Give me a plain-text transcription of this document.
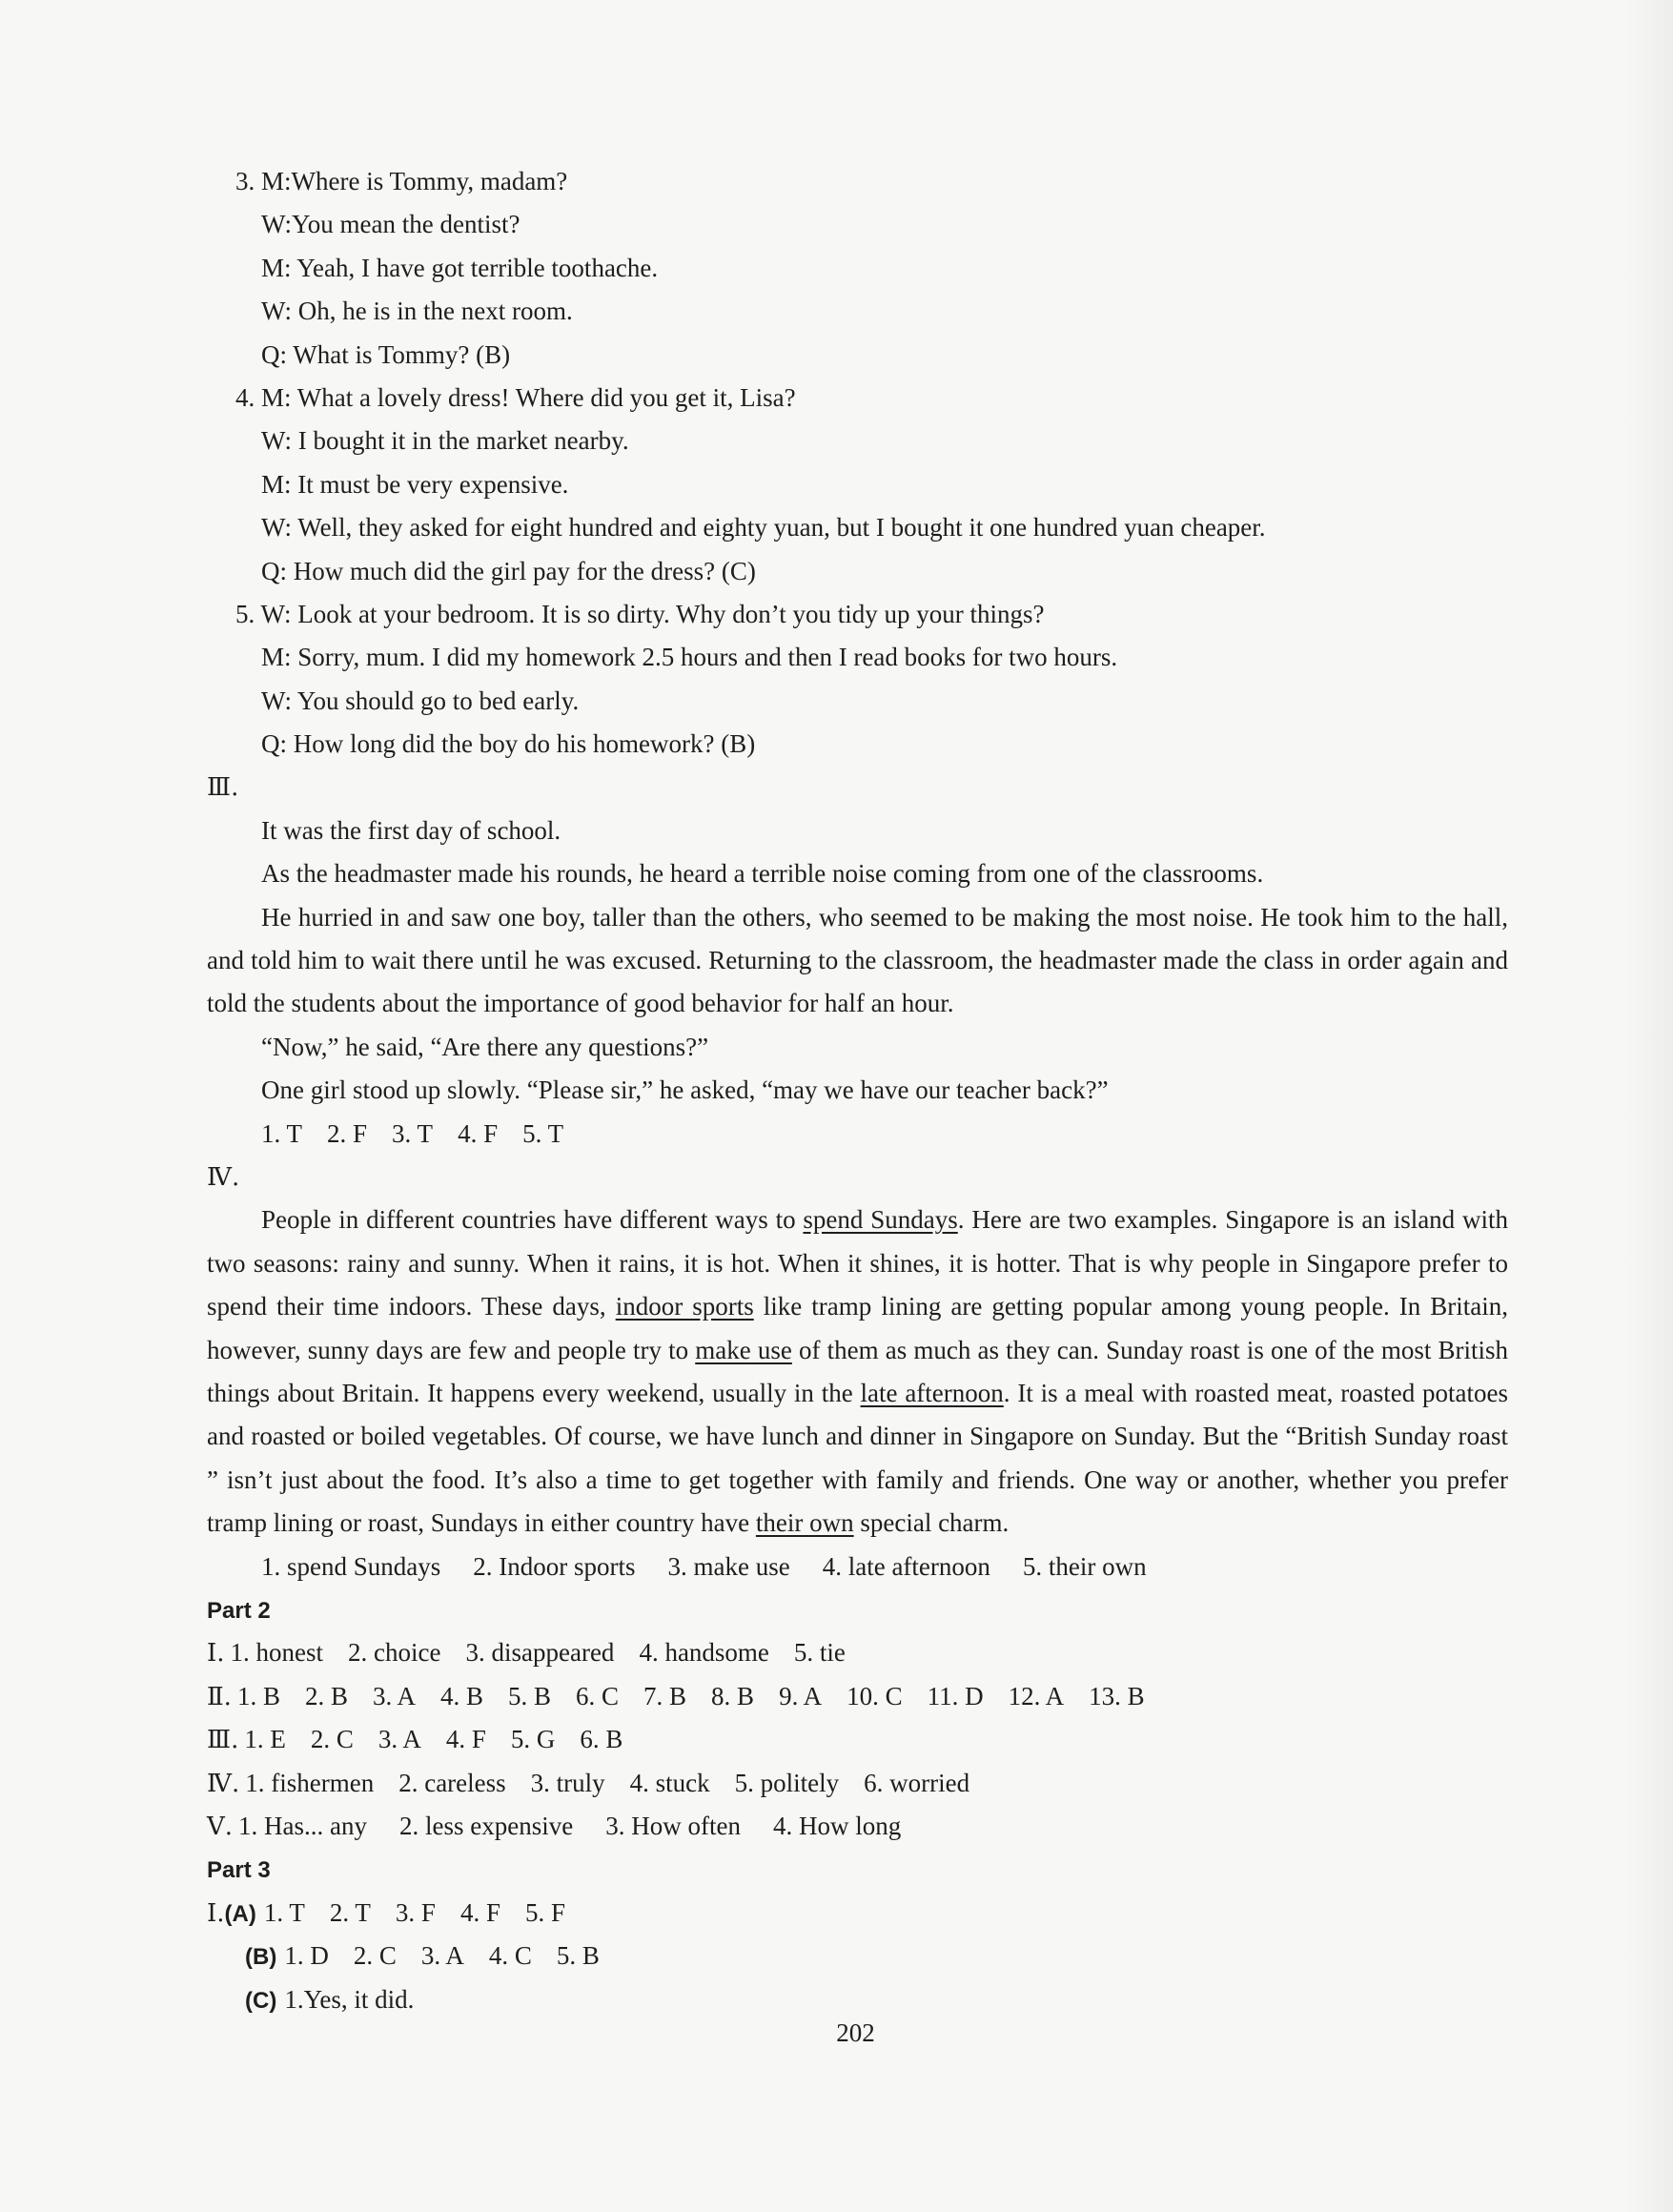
3. M:Where is Tommy, madam?
W:You mean the dentist?
M: Yeah, I have got terrible toothache.
W: Oh, he is in the next room.
Q: What is Tommy? (B)
4. M: What a lovely dress! Where did you get it, Lisa?
W: I bought it in the market nearby.
M: It must be very expensive.
W: Well, they asked for eight hundred and eighty yuan, but I bought it one hundred yuan cheaper.
Q: How much did the girl pay for the dress? (C)
5. W: Look at your bedroom. It is so dirty. Why don’t you tidy up your things?
M: Sorry, mum. I did my homework 2.5 hours and then I read books for two hours.
W: You should go to bed early.
Q: How long did the boy do his homework? (B)
Ⅲ.
It was the first day of school.
As the headmaster made his rounds, he heard a terrible noise coming from one of the classrooms.

He hurried in and saw one boy, taller than the others, who seemed to be making the most noise. He took him to the hall, and told him to wait there until he was excused. Returning to the classroom, the headmaster made the class in order again and told the students about the importance of good behavior for half an hour.

“Now,” he said, “Are there any questions?”
One girl stood up slowly. “Please sir,” he asked, “may we have our teacher back?”
1. T 2. F 3. T 4. F 5. T
Ⅳ.

People in different countries have different ways to spend Sundays. Here are two examples. Singapore is an island with two seasons: rainy and sunny. When it rains, it is hot. When it shines, it is hotter. That is why people in Singapore prefer to spend their time indoors. These days, indoor sports like tramp lining are getting popular among young people. In Britain, however, sunny days are few and people try to make use of them as much as they can. Sunday roast is one of the most British things about Britain. It happens every weekend, usually in the late afternoon. It is a meal with roasted meat, roasted potatoes and roasted or boiled vegetables. Of course, we have lunch and dinner in Singapore on Sunday. But the “British Sunday roast ” isn’t just about the food. It’s also a time to get together with family and friends. One way or another, whether you prefer tramp lining or roast, Sundays in either country have their own special charm.

1. spend Sundays 2. Indoor sports 3. make use 4. late afternoon 5. their own
Part 2
Ⅰ. 1. honest 2. choice 3. disappeared 4. handsome 5. tie
Ⅱ. 1. B 2. B 3. A 4. B 5. B 6. C 7. B 8. B 9. A 10. C 11. D 12. A 13. B
Ⅲ. 1. E 2. C 3. A 4. F 5. G 6. B
Ⅳ. 1. fishermen 2. careless 3. truly 4. stuck 5. politely 6. worried
Ⅴ. 1. Has... any 2. less expensive 3. How often 4. How long
Part 3
Ⅰ.(A) 1. T 2. T 3. F 4. F 5. F
(B) 1. D 2. C 3. A 4. C 5. B
(C) 1.Yes, it did.
202
